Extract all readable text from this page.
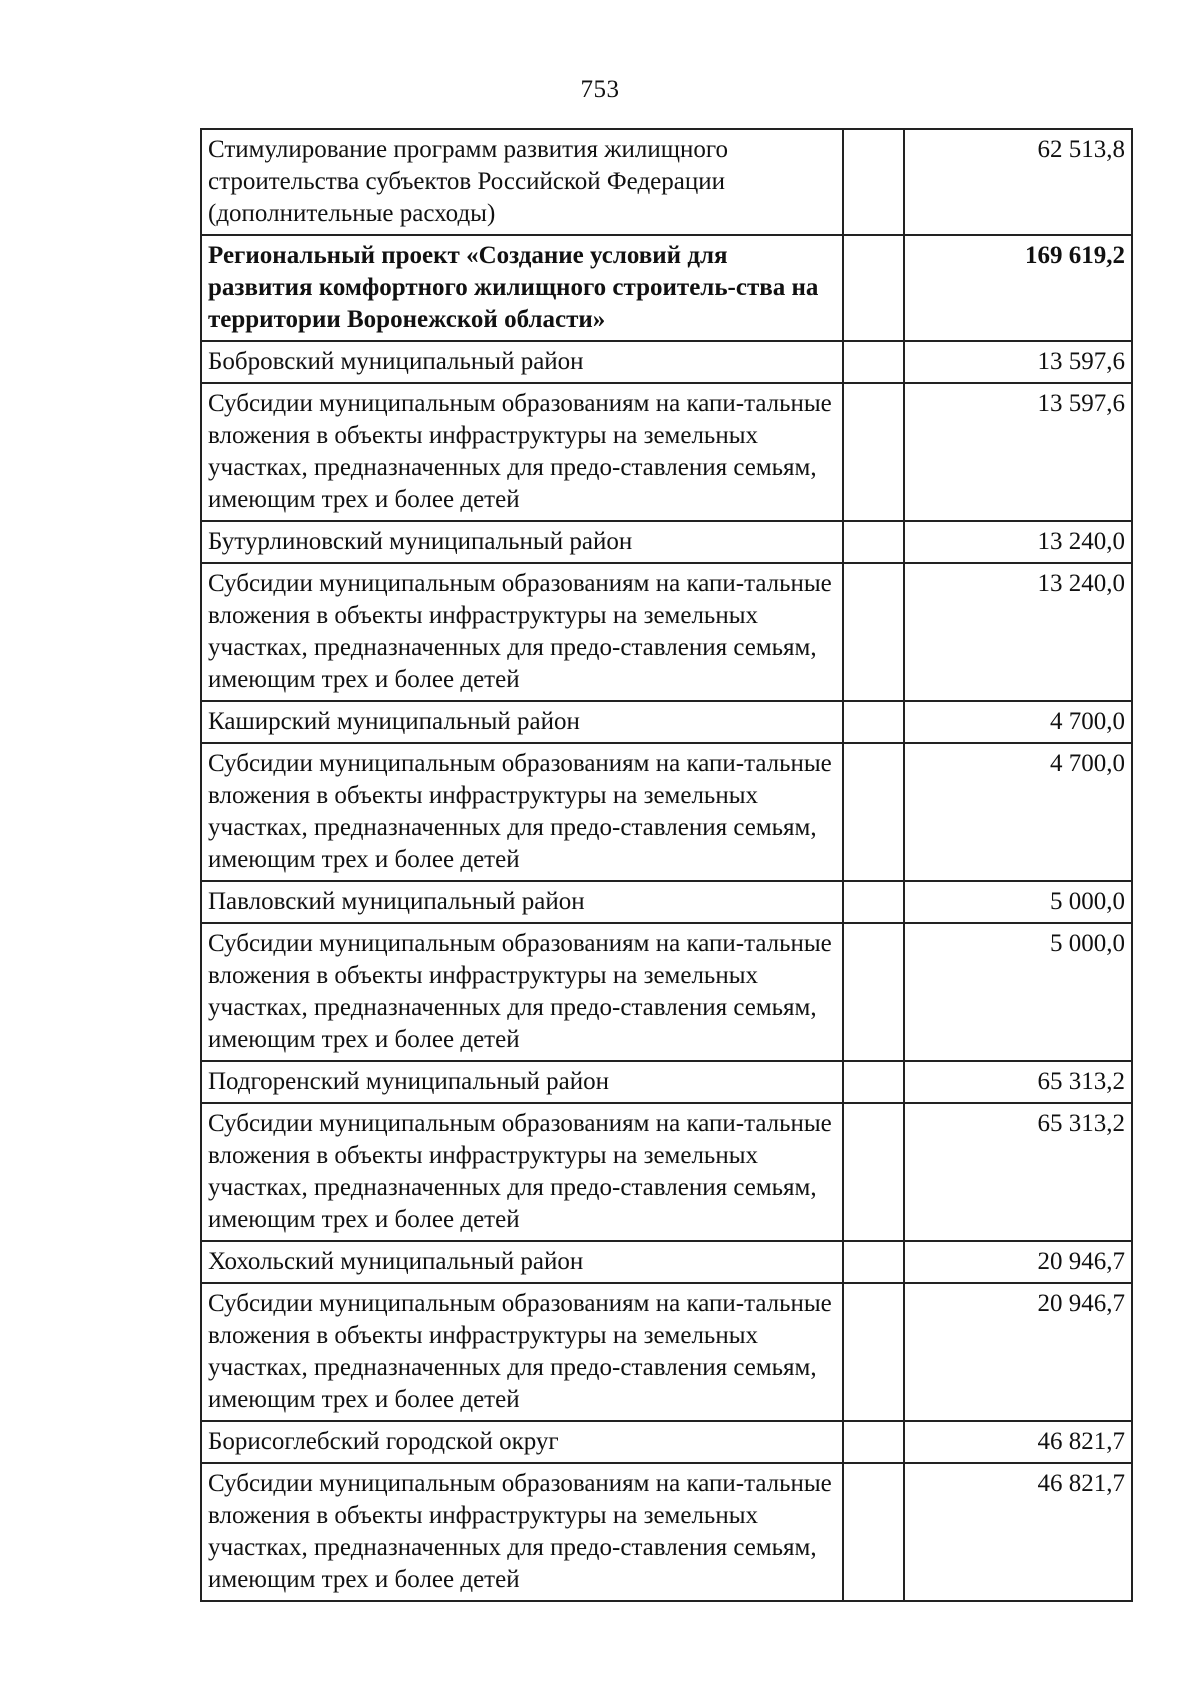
753
Стимулирование программ развития жилищного строительства субъектов Российской Федерации (дополнительные расходы)		62 513,8
Региональный проект «Создание условий для развития комфортного жилищного строитель-ства на территории Воронежской области»		169 619,2
Бобровский муниципальный район		13 597,6
Субсидии муниципальным образованиям на капи-тальные вложения в объекты инфраструктуры на земельных участках, предназначенных для предо-ставления семьям, имеющим трех и более детей		13 597,6
Бутурлиновский муниципальный район		13 240,0
Субсидии муниципальным образованиям на капи-тальные вложения в объекты инфраструктуры на земельных участках, предназначенных для предо-ставления семьям, имеющим трех и более детей		13 240,0
Каширский муниципальный район		4 700,0
Субсидии муниципальным образованиям на капи-тальные вложения в объекты инфраструктуры на земельных участках, предназначенных для предо-ставления семьям, имеющим трех и более детей		4 700,0
Павловский муниципальный район		5 000,0
Субсидии муниципальным образованиям на капи-тальные вложения в объекты инфраструктуры на земельных участках, предназначенных для предо-ставления семьям, имеющим трех и более детей		5 000,0
Подгоренский муниципальный район		65 313,2
Субсидии муниципальным образованиям на капи-тальные вложения в объекты инфраструктуры на земельных участках, предназначенных для предо-ставления семьям, имеющим трех и более детей		65 313,2
Хохольский муниципальный район		20 946,7
Субсидии муниципальным образованиям на капи-тальные вложения в объекты инфраструктуры на земельных участках, предназначенных для предо-ставления семьям, имеющим трех и более детей		20 946,7
Борисоглебский городской округ		46 821,7
Субсидии муниципальным образованиям на капи-тальные вложения в объекты инфраструктуры на земельных участках, предназначенных для предо-ставления семьям, имеющим трех и более детей		46 821,7
